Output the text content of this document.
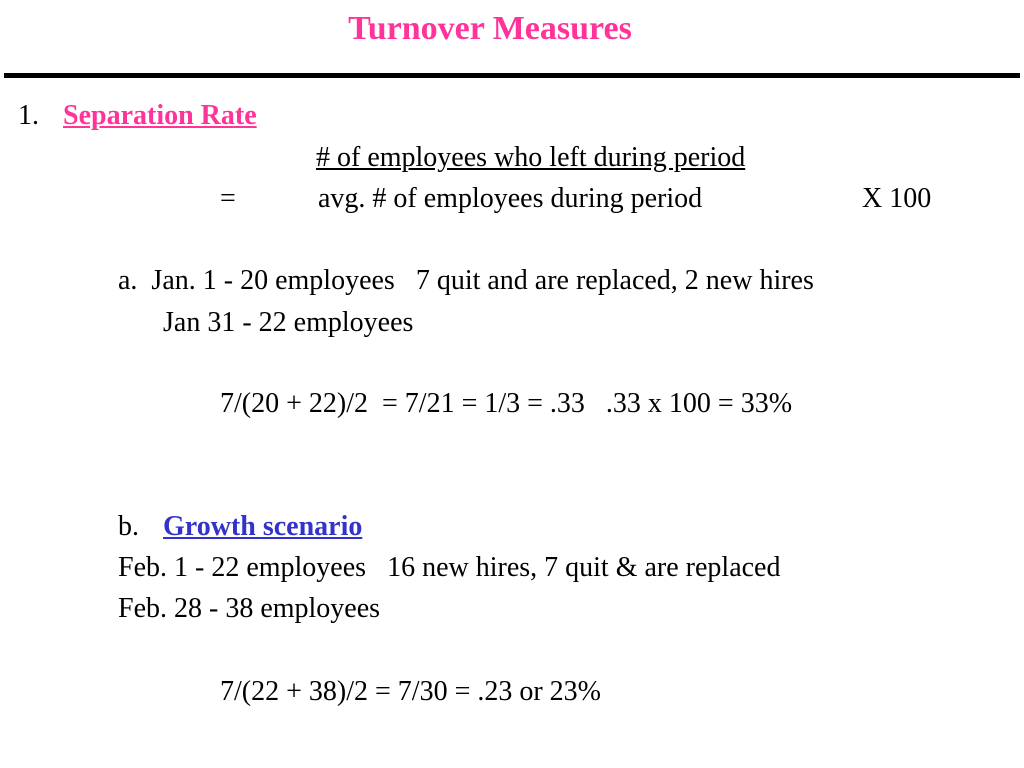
Turnover Measures
1. Separation Rate
# of employees who left during period
=	avg. # of employees during period	X 100
a.  Jan. 1 - 20 employees   7 quit and are replaced, 2 new hires
Jan 31 - 22 employees
7/(20 + 22)/2  = 7/21 = 1/3 = .33   .33 x 100 = 33%
b. Growth scenario
Feb. 1 - 22 employees   16 new hires, 7 quit & are replaced
Feb. 28 - 38 employees
7/(22 + 38)/2 = 7/30 = .23 or 23%
